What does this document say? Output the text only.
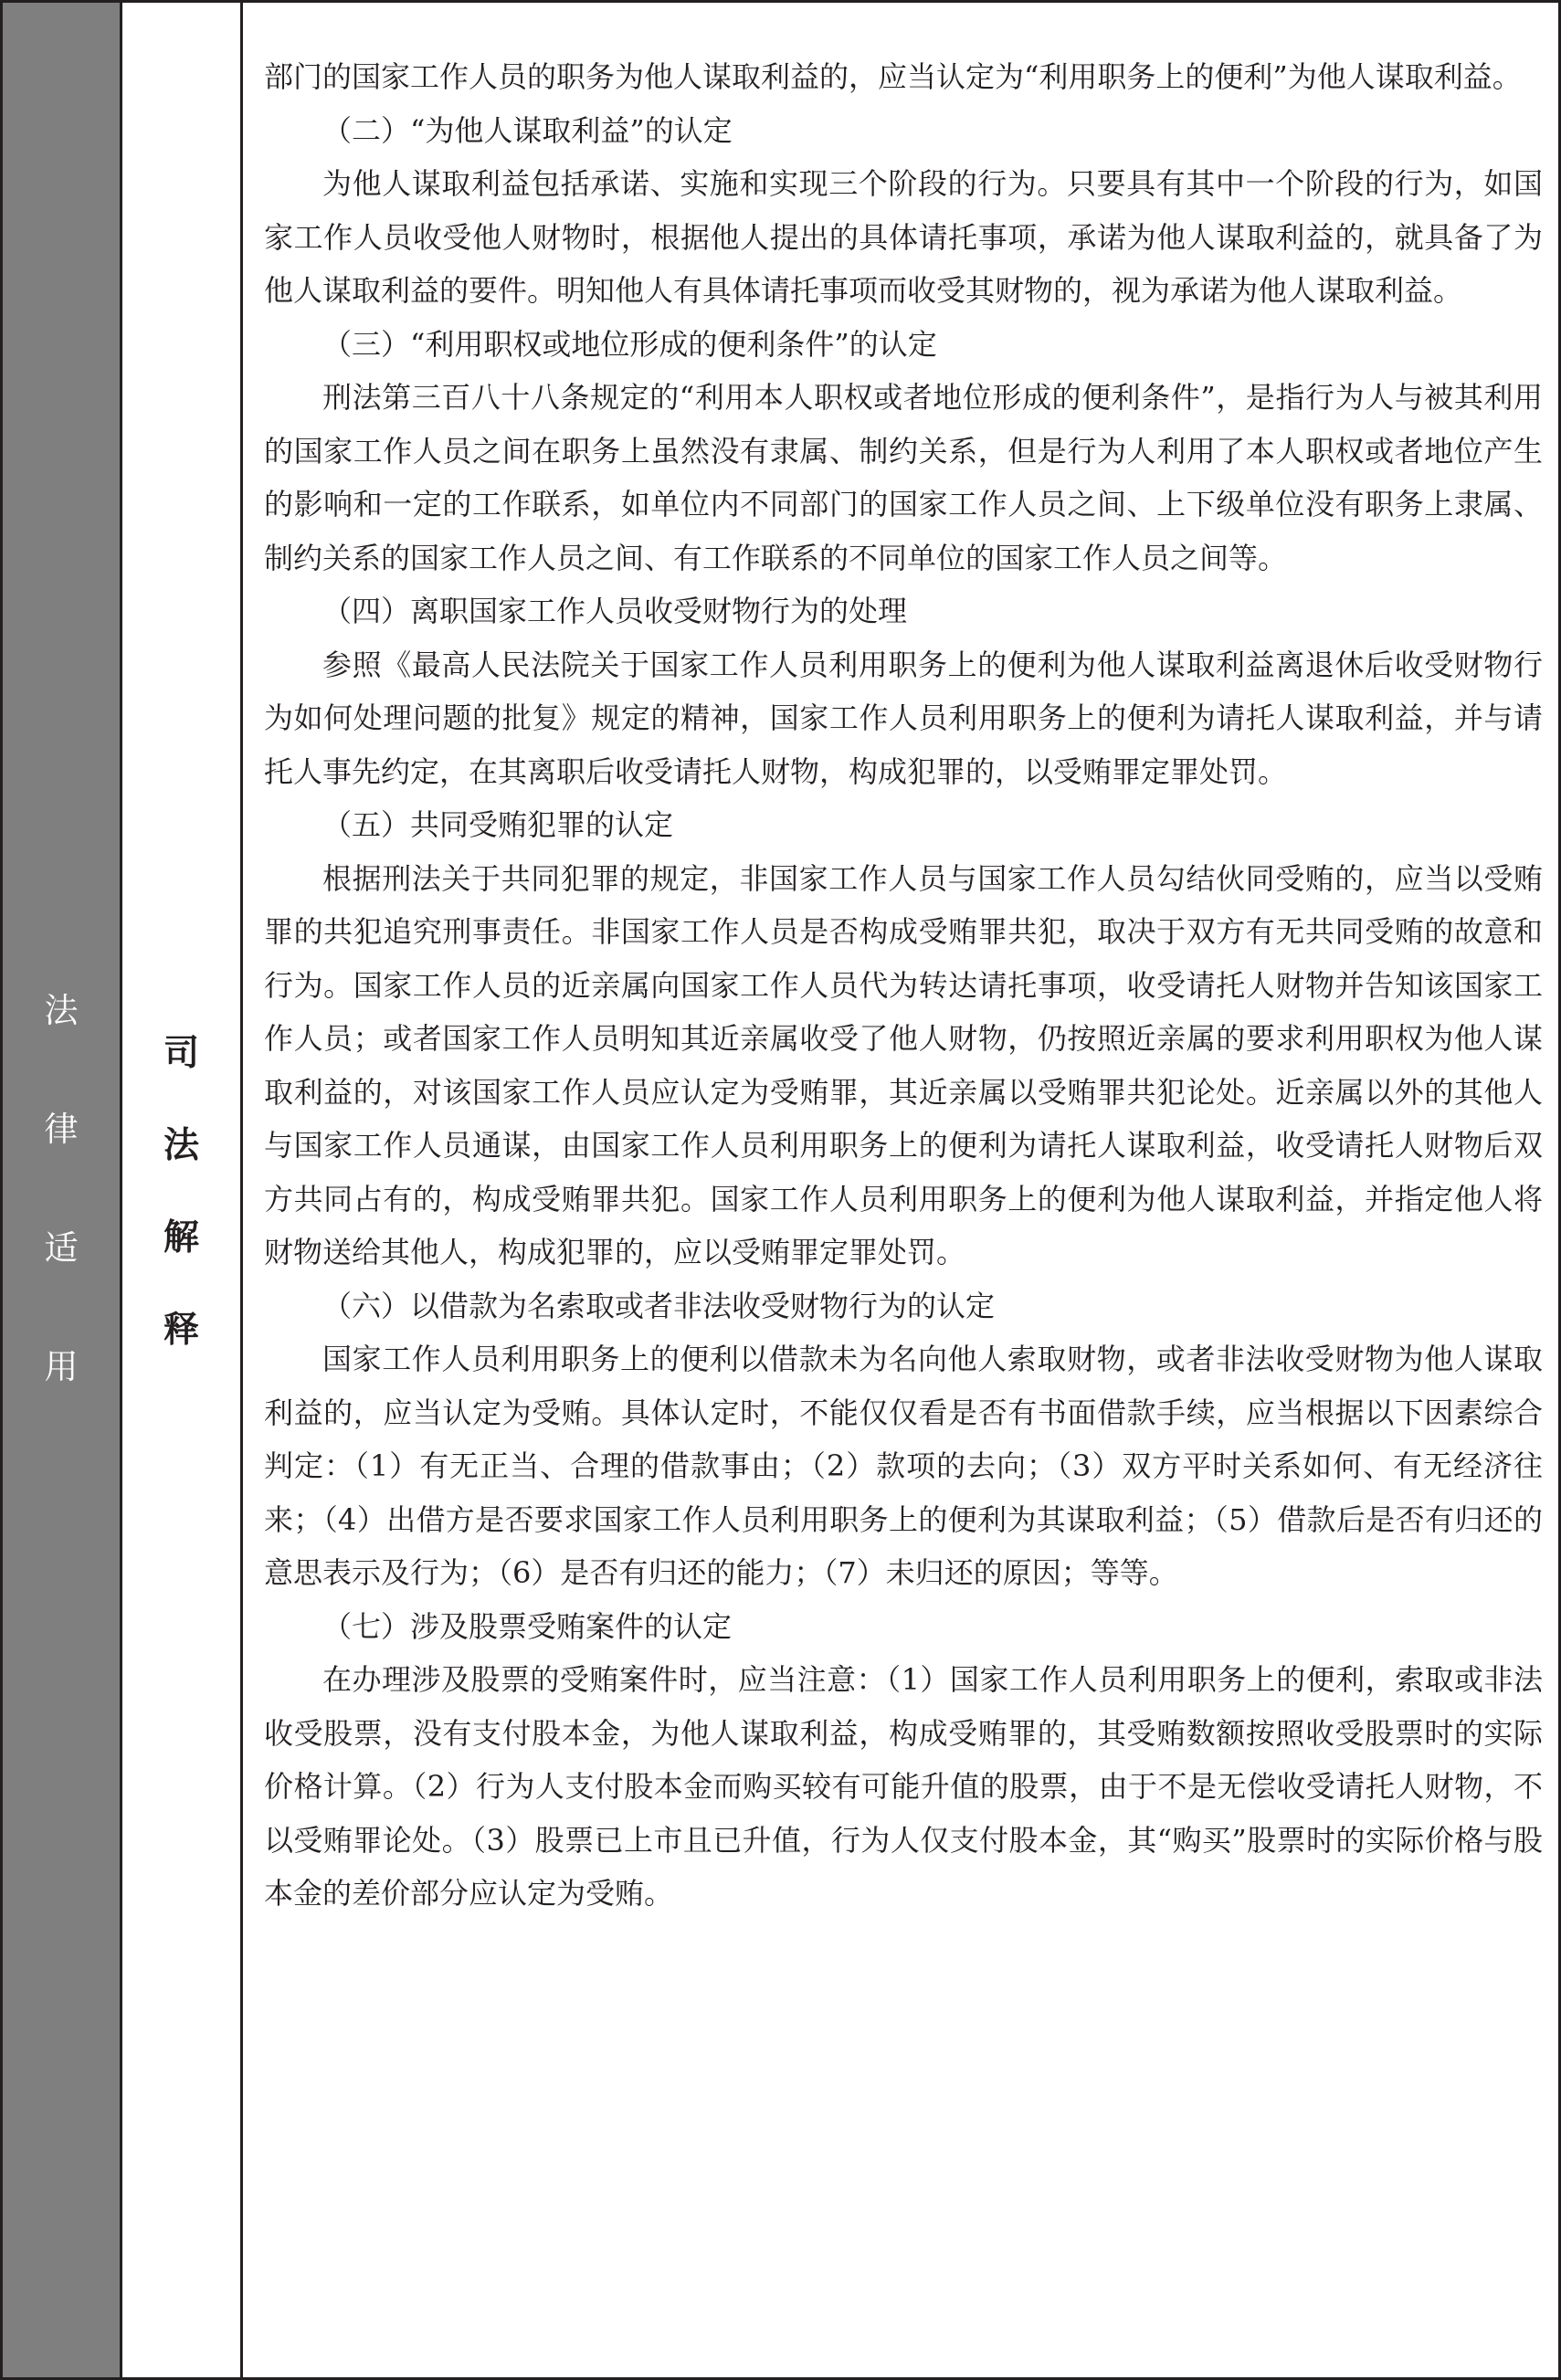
法
律
适
用
司
法
解
释

部门的国家工作人员的职务为他人谋取利益的，应当认定为“利用职务上的便利”为他人谋取利益。

（二）“为他人谋取利益”的认定

为他人谋取利益包括承诺、实施和实现三个阶段的行为。只要具有其中一个阶段的行为，如国家工作人员收受他人财物时，根据他人提出的具体请托事项，承诺为他人谋取利益的，就具备了为他人谋取利益的要件。明知他人有具体请托事项而收受其财物的，视为承诺为他人谋取利益。

（三）“利用职权或地位形成的便利条件”的认定

刑法第三百八十八条规定的“利用本人职权或者地位形成的便利条件”，是指行为人与被其利用的国家工作人员之间在职务上虽然没有隶属、制约关系，但是行为人利用了本人职权或者地位产生的影响和一定的工作联系，如单位内不同部门的国家工作人员之间、上下级单位没有职务上隶属、制约关系的国家工作人员之间、有工作联系的不同单位的国家工作人员之间等。

（四）离职国家工作人员收受财物行为的处理

参照《最高人民法院关于国家工作人员利用职务上的便利为他人谋取利益离退休后收受财物行为如何处理问题的批复》规定的精神，国家工作人员利用职务上的便利为请托人谋取利益，并与请托人事先约定，在其离职后收受请托人财物，构成犯罪的，以受贿罪定罪处罚。

（五）共同受贿犯罪的认定

根据刑法关于共同犯罪的规定，非国家工作人员与国家工作人员勾结伙同受贿的，应当以受贿罪的共犯追究刑事责任。非国家工作人员是否构成受贿罪共犯，取决于双方有无共同受贿的故意和行为。国家工作人员的近亲属向国家工作人员代为转达请托事项，收受请托人财物并告知该国家工作人员；或者国家工作人员明知其近亲属收受了他人财物，仍按照近亲属的要求利用职权为他人谋取利益的，对该国家工作人员应认定为受贿罪，其近亲属以受贿罪共犯论处。近亲属以外的其他人与国家工作人员通谋，由国家工作人员利用职务上的便利为请托人谋取利益，收受请托人财物后双方共同占有的，构成受贿罪共犯。国家工作人员利用职务上的便利为他人谋取利益，并指定他人将财物送给其他人，构成犯罪的，应以受贿罪定罪处罚。

（六）以借款为名索取或者非法收受财物行为的认定

国家工作人员利用职务上的便利以借款未为名向他人索取财物，或者非法收受财物为他人谋取利益的，应当认定为受贿。具体认定时，不能仅仅看是否有书面借款手续，应当根据以下因素综合判定：（1）有无正当、合理的借款事由；（2）款项的去向；（3）双方平时关系如何、有无经济往来；（4）出借方是否要求国家工作人员利用职务上的便利为其谋取利益；（5）借款后是否有归还的意思表示及行为；（6）是否有归还的能力；（7）未归还的原因；等等。

（七）涉及股票受贿案件的认定

在办理涉及股票的受贿案件时，应当注意：（1）国家工作人员利用职务上的便利，索取或非法收受股票，没有支付股本金，为他人谋取利益，构成受贿罪的，其受贿数额按照收受股票时的实际价格计算。（2）行为人支付股本金而购买较有可能升值的股票，由于不是无偿收受请托人财物，不以受贿罪论处。（3）股票已上市且已升值，行为人仅支付股本金，其“购买”股票时的实际价格与股本金的差价部分应认定为受贿。
